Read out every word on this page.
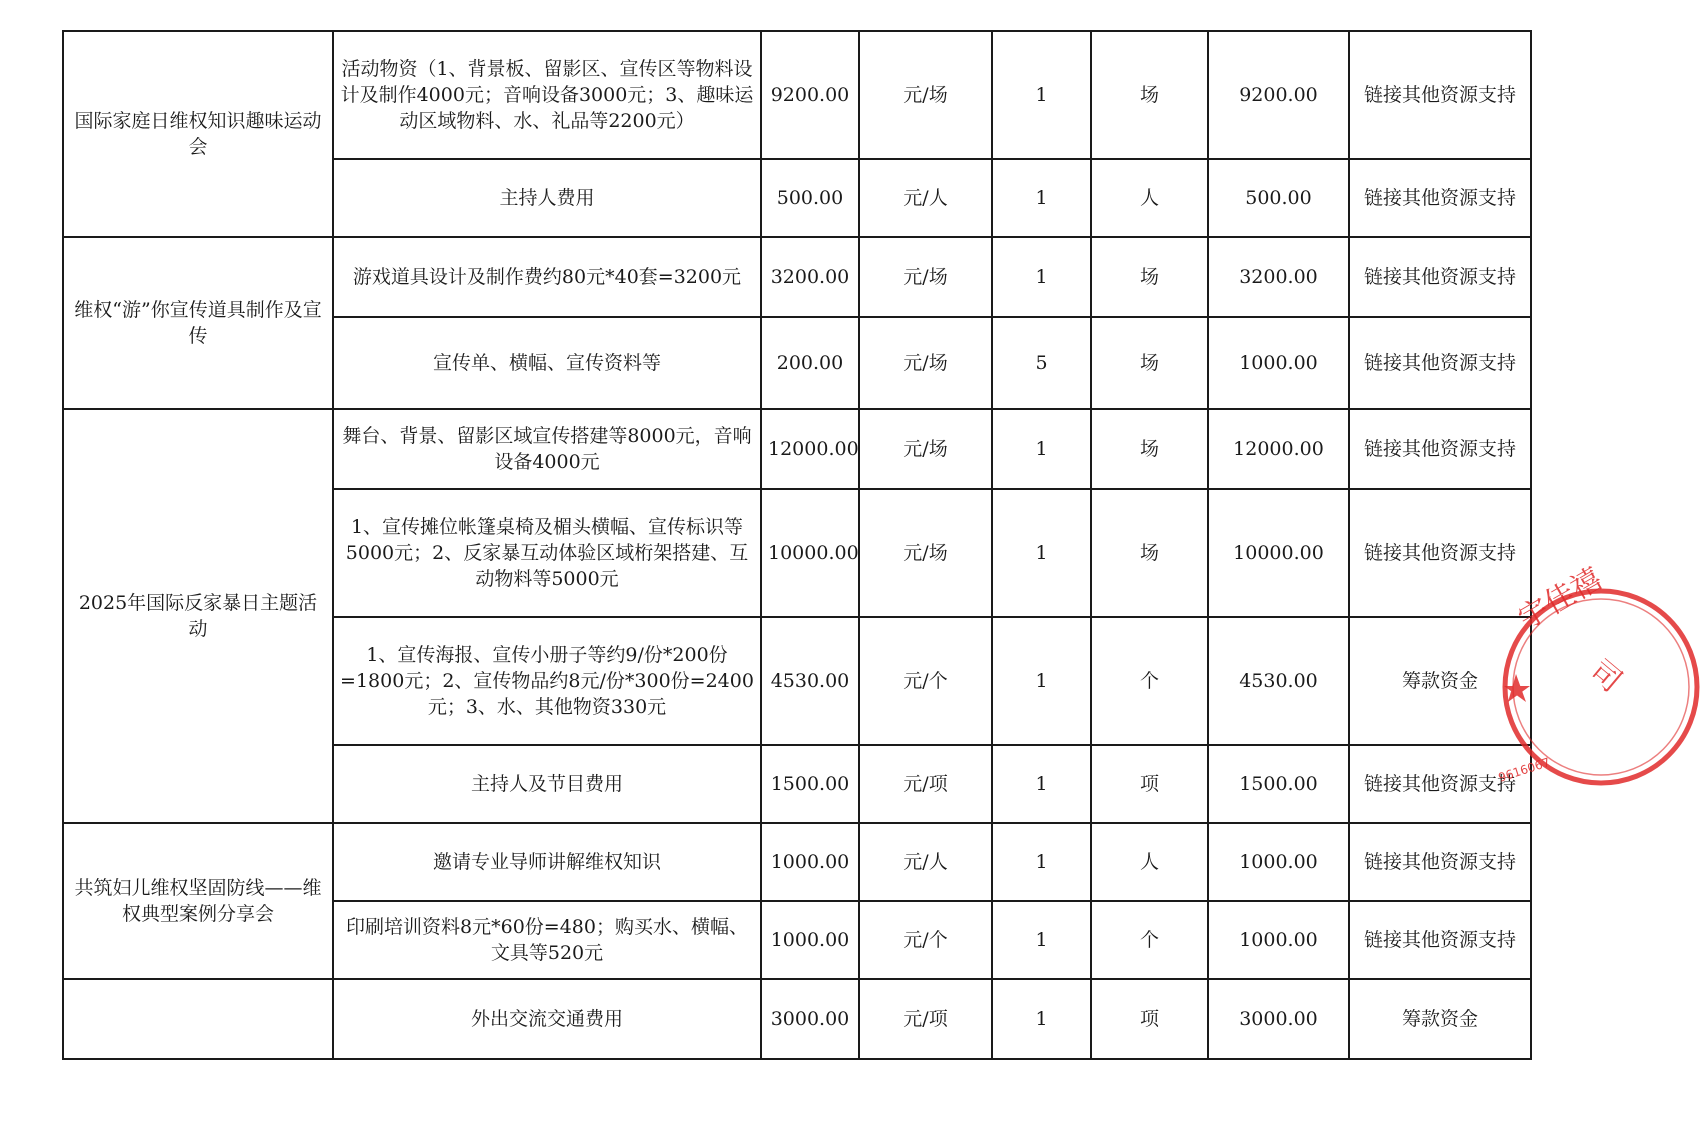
国际家庭日维权知识趣味运动会	活动物资（1、背景板、留影区、宣传区等物料设计及制作4000元；音响设备3000元；3、趣味运动区域物料、水、礼品等2200元）	9200.00	元/场	1	场	9200.00	链接其他资源支持
	主持人费用	500.00	元/人	1	人	500.00	链接其他资源支持
维权“游”你宣传道具制作及宣传	游戏道具设计及制作费约80元*40套=3200元	3200.00	元/场	1	场	3200.00	链接其他资源支持
	宣传单、横幅、宣传资料等	200.00	元/场	5	场	1000.00	链接其他资源支持
2025年国际反家暴日主题活动	舞台、背景、留影区域宣传搭建等8000元，音响设备4000元	12000.00	元/场	1	场	12000.00	链接其他资源支持
	1、宣传摊位帐篷桌椅及楣头横幅、宣传标识等5000元；2、反家暴互动体验区域桁架搭建、互动物料等5000元	10000.00	元/场	1	场	10000.00	链接其他资源支持
	1、宣传海报、宣传小册子等约9/份*200份=1800元；2、宣传物品约8元/份*300份=2400元；3、水、其他物资330元	4530.00	元/个	1	个	4530.00	筹款资金
	主持人及节目费用	1500.00	元/项	1	项	1500.00	链接其他资源支持
共筑妇儿维权坚固防线——维权典型案例分享会	邀请专业导师讲解维权知识	1000.00	元/人	1	人	1000.00	链接其他资源支持
	印刷培训资料8元*60份=480；购买水、横幅、文具等520元	1000.00	元/个	1	个	1000.00	链接其他资源支持
	外出交流交通费用	3000.00	元/项	1	项	3000.00	筹款资金
宇佳禧
司
9616067
